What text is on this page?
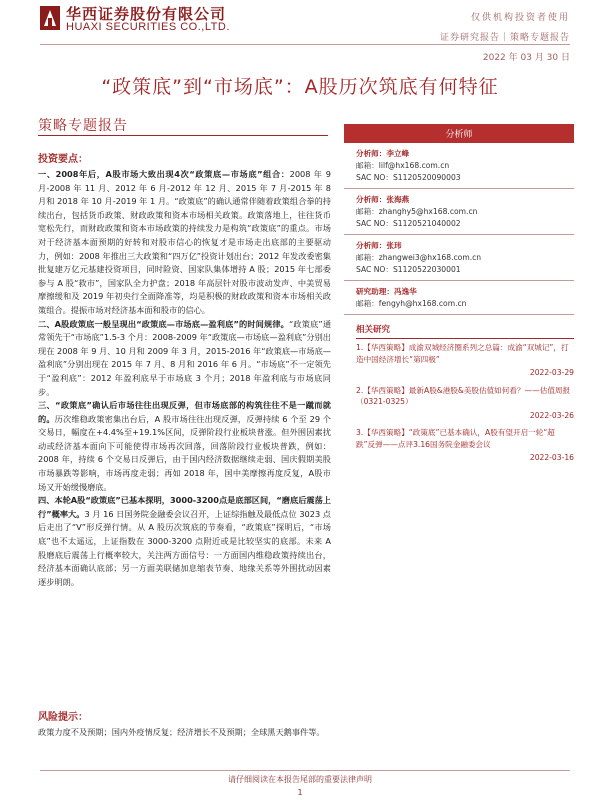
华西证券股份有限公司
HUAXI SECURITIES CO.,LTD.
仅供机构投资者使用
证券研究报告｜策略专题报告
2022 年 03 月 30 日
“政策底”到“市场底”：A股历次筑底有何特征
策略专题报告
投资要点：
一、2008年后，A股市场大致出现4次“政策底—市场底”组合：2008 年 9 月-2008 年 11 月、2012 年 6 月-2012 年 12 月、2015 年 7 月-2015 年 8 月和 2018 年 10 月-2019 年 1 月。“政策底”的确认通常伴随着政策组合拳的持续出台，包括货币政策、财政政策和资本市场相关政策。政策落地上，往往货币宽松先行，而财政政策和资本市场政策的持续发力是构筑“政策底”的重点。市场对于经济基本面预期的好转和对股市信心的恢复才是市场走出底部的主要驱动力，例如：2008 年推出三大政策和“四万亿”投资计划出台；2012 年发改委密集批复建万亿元基建投资项目，同时险资、国家队集体增持 A 股；2015 年七部委参与 A 股“救市”，国家队全力护盘；2018 年高层针对股市波动发声、中美贸易摩擦缓和及 2019 年初央行全面降准等，均是积极的财政政策和资本市场相关政策组合。提振市场对经济基本面和股市的信心。
二、A股政策底一般呈现出“政策底—市场底—盈利底”的时间规律。“政策底”通常领先于“市场底”1.5-3 个月：2008-2009 年“政策底—市场底—盈利底”分别出现在 2008 年 9 月、10 月和 2009 年 3 月，2015-2016 年“政策底—市场底—盈利底”分别出现在 2015 年 7 月、8 月和 2016 年 6 月。“市场底”不一定领先于“盈利底”：2012 年盈利底早于市场底 3 个月；2018 年盈利底与市场底同步。
三、“政策底”确认后市场往往出现反弹，但市场底部的构筑往往不是一蹴而就的。历次维稳政策密集出台后，A 股市场往往出现反弹，反弹持续 6 个至 29 个交易日，幅度在+4.4%至+19.1%区间，反弹阶段行业板块普涨。但外围因素扰动或经济基本面向下可能使得市场再次回落，回落阶段行业板块普跌，例如：2008 年，持续 6 个交易日反弹后，由于国内经济数据继续走弱、国庆假期美股市场暴跌等影响，市场再度走弱；再如 2018 年，国中美摩擦再度反复，A股市场又开始缓慢磨底。
四、本轮A股“政策底”已基本探明，3000-3200点是底部区间，“磨底后震荡上行”概率大。3 月 16 日国务院金融委会议召开，上证综指触及最低点位 3023 点后走出了“V”形反弹行情。从 A 股历次筑底的节奏看，“政策底”探明后，“市场底”也不太遥远，上证指数在 3000-3200 点附近或是比较坚实的底部。未来 A 股磨底后震荡上行概率较大，关注两方面信号：一方面国内维稳政策持续出台，经济基本面确认底部；另一方面美联储加息缩表节奏、地缘关系等外围扰动因素逐步明朗。
风险提示：
政策力度不及预期；国内外疫情反复；经济增长不及预期；全球黑天鹅事件等。
分析师
分析师：李立峰
邮箱：lilf@hx168.com.cn
SAC NO：S1120520090003
分析师：张海燕
邮箱：zhanghy5@hx168.com.cn
SAC NO：S1120521040002
分析师：张玮
邮箱：zhangwei3@hx168.com.cn
SAC NO：S1120522030001
研究助理：冯逸华
邮箱：fengyh@hx168.com.cn
相关研究
1.【华西策略】成渝双城经济圈系列之总篇：成渝“双城记”，打造中国经济增长“第四极”
2022-03-29
2.【华西策略】最新A股&港股&美股估值如何看？——估值周报（0321-0325）
2022-03-26
3.【华西策略】“政策底”已基本确认，A股有望开启一轮“超跌”反弹——点评3.16国务院金融委会议
2022-03-16
请仔细阅读在本报告尾部的重要法律声明
1
